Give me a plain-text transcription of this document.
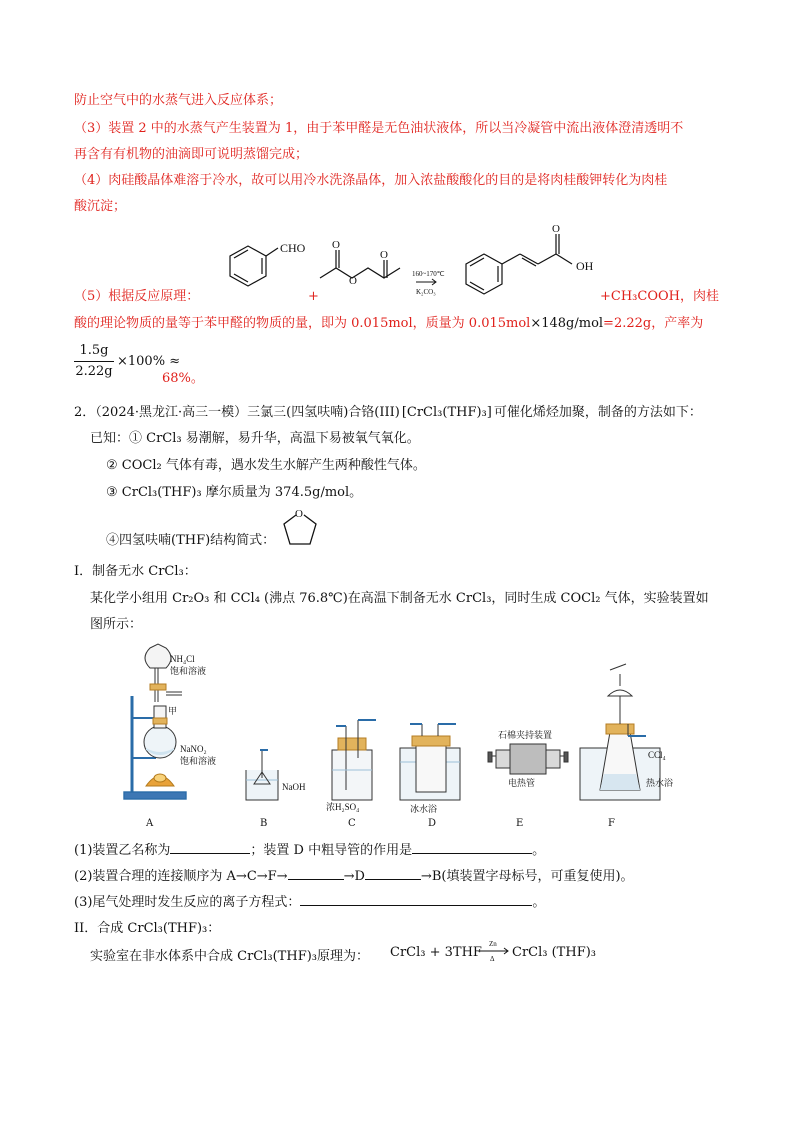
防止空气中的水蒸气进入反应体系；
（3）装置 2 中的水蒸气产生装置为 1，由于苯甲醛是无色油状液体，所以当冷凝管中流出液体澄清透明不
再含有有机物的油滴即可说明蒸馏完成；
（4）肉硅酸晶体难溶于冷水，故可以用冷水洗涤晶体，加入浓盐酸酸化的目的是将肉桂酸钾转化为肉桂
酸沉淀；
CHO O
O
O
160~170℃
K₂CO₃
O
OH
（5）根据反应原理：	+	+CH₃COOH，肉桂
酸的理论物质的量等于苯甲醛的物质的量，即为 0.015mol，质量为 0.015mol×148g/mol=2.22g，产率为
1.5g
2.22g
×100% ≈
68%。
2．（2024·黑龙江·高三一模）三氯三(四氢呋喃)合铬(III) [CrCl₃(THF)₃] 可催化烯烃加聚，制备的方法如下：
已知：① CrCl₃ 易潮解，易升华，高温下易被氧气氧化。
② COCl₂ 气体有毒，遇水发生水解产生两种酸性气体。
③ CrCl₃(THF)₃ 摩尔质量为 374.5g/mol。
O
④四氢呋喃(THF)结构简式：
I．制备无水 CrCl₃：
某化学小组用 Cr₂O₃ 和 CCl₄ (沸点 76.8℃)在高温下制备无水 CrCl₃，同时生成 COCl₂ 气体，实验装置如
图所示：
NH₄Cl
饱和溶液
甲
NaNO₂
饱和溶液
NaOH
石棉夹持装置
电热管
CCl₄
热水浴
浓H₂SO₄	冰水浴
A	B	C	D	E	F
(1)装置乙名称为	；装置 D 中粗导管的作用是	。
(2)装置合理的连接顺序为 A→C→F→	→D	→B(填装置字母标号，可重复使用)。
(3)尾气处理时发生反应的离子方程式：	。
II．合成 CrCl₃(THF)₃：
实验室在非水体系中合成 CrCl₃(THF)₃原理为： CrCl₃ + 3THF
Zn
Δ CrCl₃ (THF)₃
